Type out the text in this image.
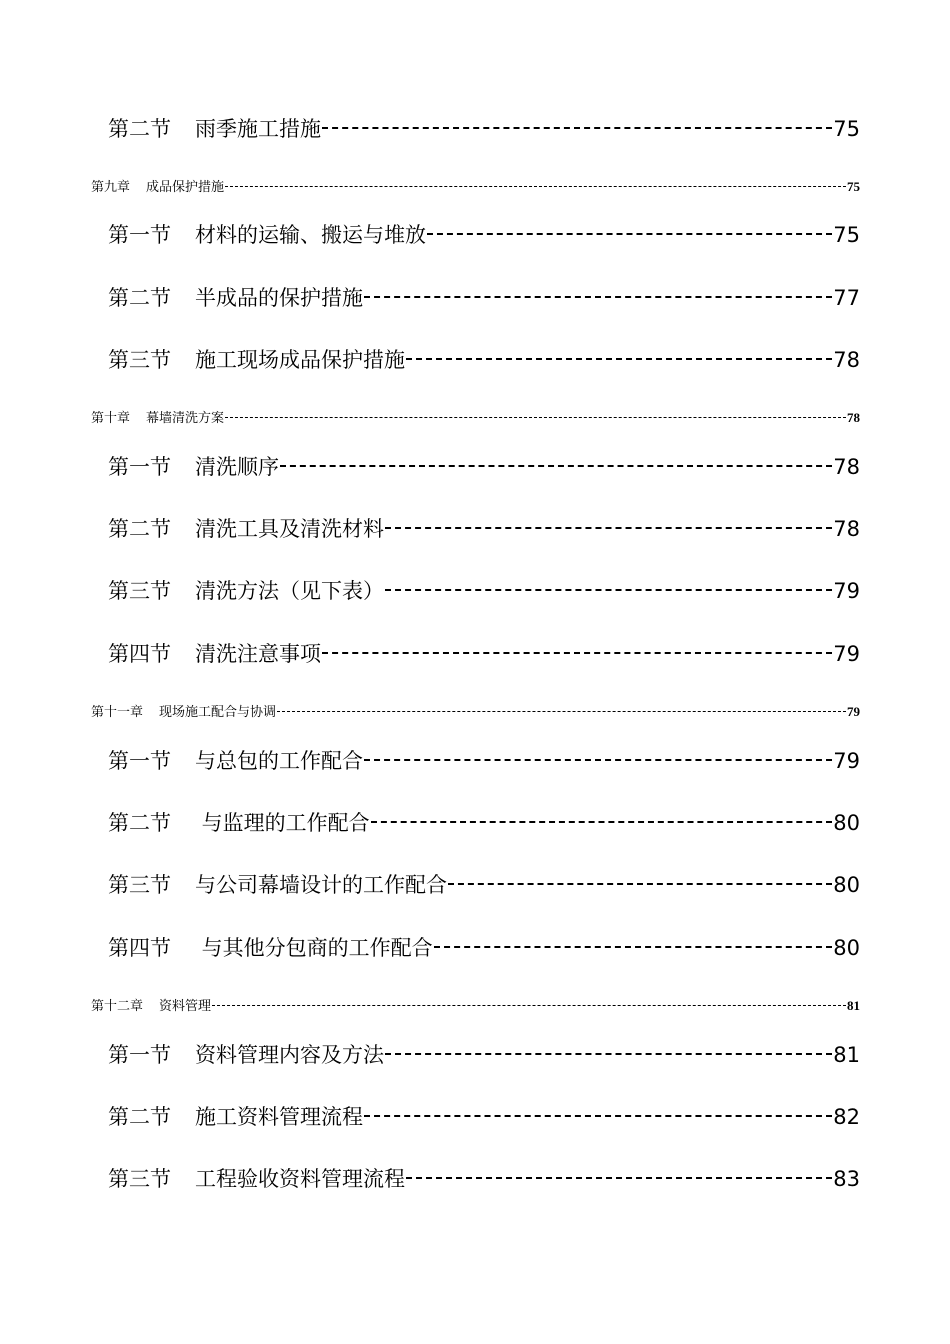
第二节 雨季施工措施	75
第九章 成品保护措施	75
第一节 材料的运输、搬运与堆放	75
第二节 半成品的保护措施	77
第三节 施工现场成品保护措施	78
第十章 幕墙清洗方案	78
第一节 清洗顺序	78
第二节 清洗工具及清洗材料	78
第三节 清洗方法（见下表）	79
第四节 清洗注意事项	79
第十一章 现场施工配合与协调	79
第一节 与总包的工作配合	79
第二节 与监理的工作配合	80
第三节 与公司幕墙设计的工作配合	80
第四节 与其他分包商的工作配合	80
第十二章 资料管理	81
第一节 资料管理内容及方法	81
第二节 施工资料管理流程	82
第三节 工程验收资料管理流程	83
